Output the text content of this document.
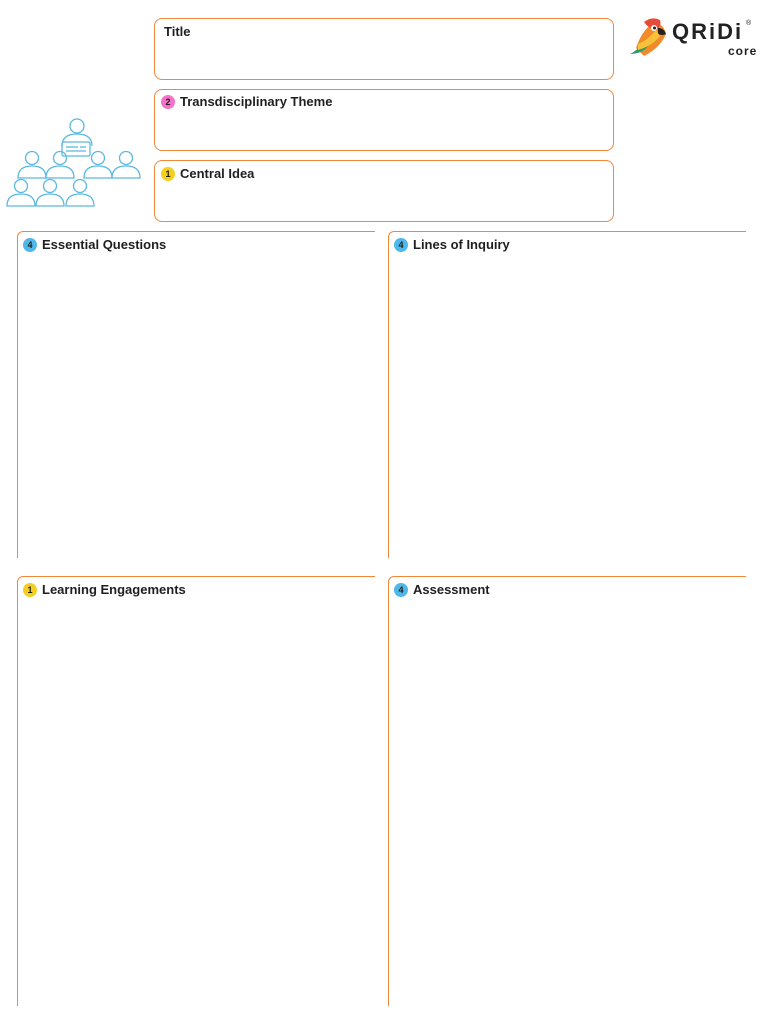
Title
2 Transdisciplinary Theme
1 Central Idea
QRiDi ®
core
4 Essential Questions	4 Lines of Inquiry
1 Learning Engagements	4 Assessment
